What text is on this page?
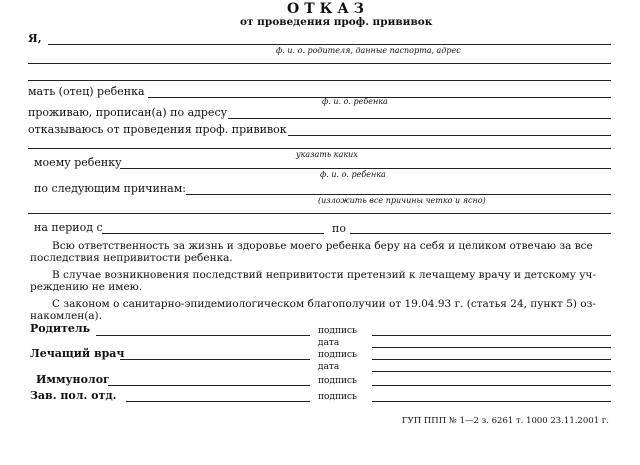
ОТКАЗ
от проведения проф. прививок
Я,
ф. и. о. родителя, данные паспорта, адрес
мать (отец) ребенка
ф. и. о. ребенка
проживаю, прописан(а) по адресу
отказываюсь от проведения проф. прививок
указать каких
моему ребенку
ф. и. о. ребенка
по следующим причинам:
(изложить все причины четко и ясно)
на период с	по
Всю ответственность за жизнь и здоровье моего ребенка беру на себя и целиком отвечаю за все
последствия непривитости ребенка.
В случае возникновения последствий непривитости претензий к лечащему врачу и детскому уч-
реждению не имею.
С законом о санитарно-эпидемиологическом благополучии от 19.04.93 г. (статья 24, пункт 5) оз-
накомлен(а).
Родитель	подпись
дата
Лечащий врач	подпись
дата
Иммунолог	подпись
Зав. пол. отд.	подпись
ГУП ППП № 1—2 з. 6261 т. 1000 23.11.2001 г.
